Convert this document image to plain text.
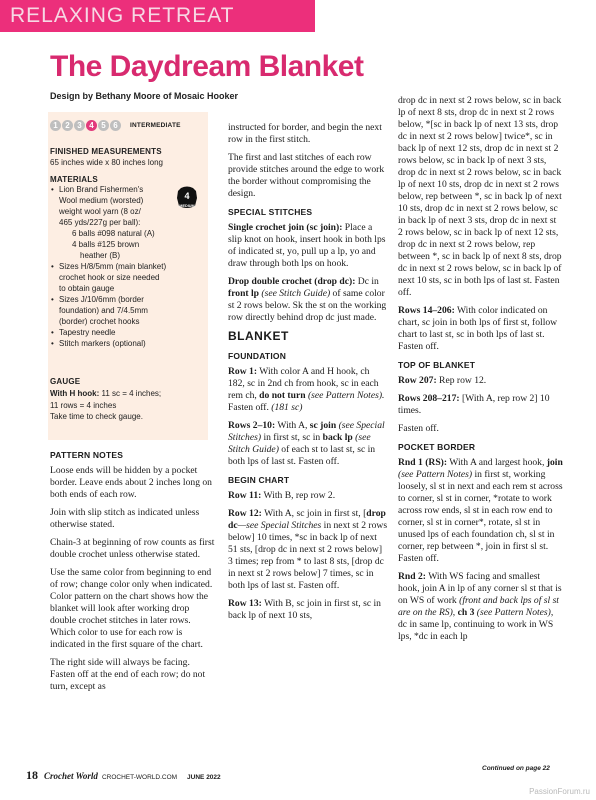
RELAXING RETREAT
The Daydream Blanket
Design by Bethany Moore of Mosaic Hooker
1 2 3 4 5 6	INTERMEDIATE
FINISHED MEASUREMENTS
65 inches wide x 80 inches long
MATERIALS
4
MEDIUM
• Lion Brand Fishermen's
Wool medium (worsted)
weight wool yarn (8 oz/
465 yds/227g per ball):
6 balls #098 natural (A)
4 balls #125 brown
heather (B)
• Sizes H/8/5mm (main blanket)
crochet hook or size needed
to obtain gauge
• Sizes J/10/6mm (border
foundation) and 7/4.5mm
(border) crochet hooks
• Tapestry needle
• Stitch markers (optional)
GAUGE
With H hook: 11 sc = 4 inches;
11 rows = 4 inches
Take time to check gauge.
PATTERN NOTES

Loose ends will be hidden by a pocket border. Leave ends about 2 inches long on both ends of each row.

Join with slip stitch as indicated unless otherwise stated.

Chain-3 at beginning of row counts as first double crochet unless otherwise stated.

Use the same color from beginning to end of row; change color only when indicated. Color pattern on the chart shows how the blanket will look after working drop double crochet stitches in later rows. Which color to use for each row is indicated in the first square of the chart.

The right side will always be facing. Fasten off at the end of each row; do not turn, except as

instructed for border, and begin the next row in the first stitch.

The first and last stitches of each row provide stitches around the edge to work the border without compromising the design.

SPECIAL STITCHES

Single crochet join (sc join): Place a slip knot on hook, insert hook in both lps of indicated st, yo, pull up a lp, yo and draw through both lps on hook.

Drop double crochet (drop dc): Dc in front lp (see Stitch Guide) of same color st 2 rows below. Sk the st on the working row directly behind drop dc just made.

BLANKET
FOUNDATION

Row 1: With color A and H hook, ch 182, sc in 2nd ch from hook, sc in each rem ch, do not turn (see Pattern Notes). Fasten off. (181 sc)

Rows 2–10: With A, sc join (see Special Stitches) in first st, sc in back lp (see Stitch Guide) of each st to last st, sc in both lps of last st. Fasten off.

BEGIN CHART

Row 11: With B, rep row 2.

Row 12: With A, sc join in first st, [drop dc—see Special Stitches in next st 2 rows below] 10 times, *sc in back lp of next 51 sts, [drop dc in next st 2 rows below] 3 times; rep from * to last 8 sts, [drop dc in next st 2 rows below] 7 times, sc in both lps of last st. Fasten off.

Row 13: With B, sc join in first st, sc in back lp of next 10 sts,

drop dc in next st 2 rows below, sc in back lp of next 8 sts, drop dc in next st 2 rows below, *[sc in back lp of next 13 sts, drop dc in next st 2 rows below] twice*, sc in back lp of next 12 sts, drop dc in next st 2 rows below, sc in back lp of next 3 sts, drop dc in next st 2 rows below, sc in back lp of next 10 sts, drop dc in next st 2 rows below, rep between *, sc in back lp of next 10 sts, drop dc in next st 2 rows below, sc in back lp of next 3 sts, drop dc in next st 2 rows below, sc in back lp of next 12 sts, drop dc in next st 2 rows below, rep between *, sc in back lp of next 8 sts, drop dc in next st 2 rows below, sc in back lp of next 10 sts, sc in both lps of last st. Fasten off.

Rows 14–206: With color indicated on chart, sc join in both lps of first st, follow chart to last st, sc in both lps of last st. Fasten off.

TOP OF BLANKET

Row 207: Rep row 12.

Rows 208–217: [With A, rep row 2] 10 times.

Fasten off.

POCKET BORDER

Rnd 1 (RS): With A and largest hook, join (see Pattern Notes) in first st, working loosely, sl st in next and each rem st across to corner, sl st in corner, *rotate to work across row ends, sl st in each row end to corner, sl st in corner*, rotate, sl st in unused lps of each foundation ch, sl st in corner, rep between *, join in first sl st. Fasten off.

Rnd 2: With WS facing and smallest hook, join A in lp of any corner sl st that is on WS of work (front and back lps of sl st are on the RS), ch 3 (see Pattern Notes), dc in same lp, continuing to work in WS lps, *dc in each lp

Continued on page 22
18 Crochet World CROCHET-WORLD.COM JUNE 2022
PassionForum.ru
